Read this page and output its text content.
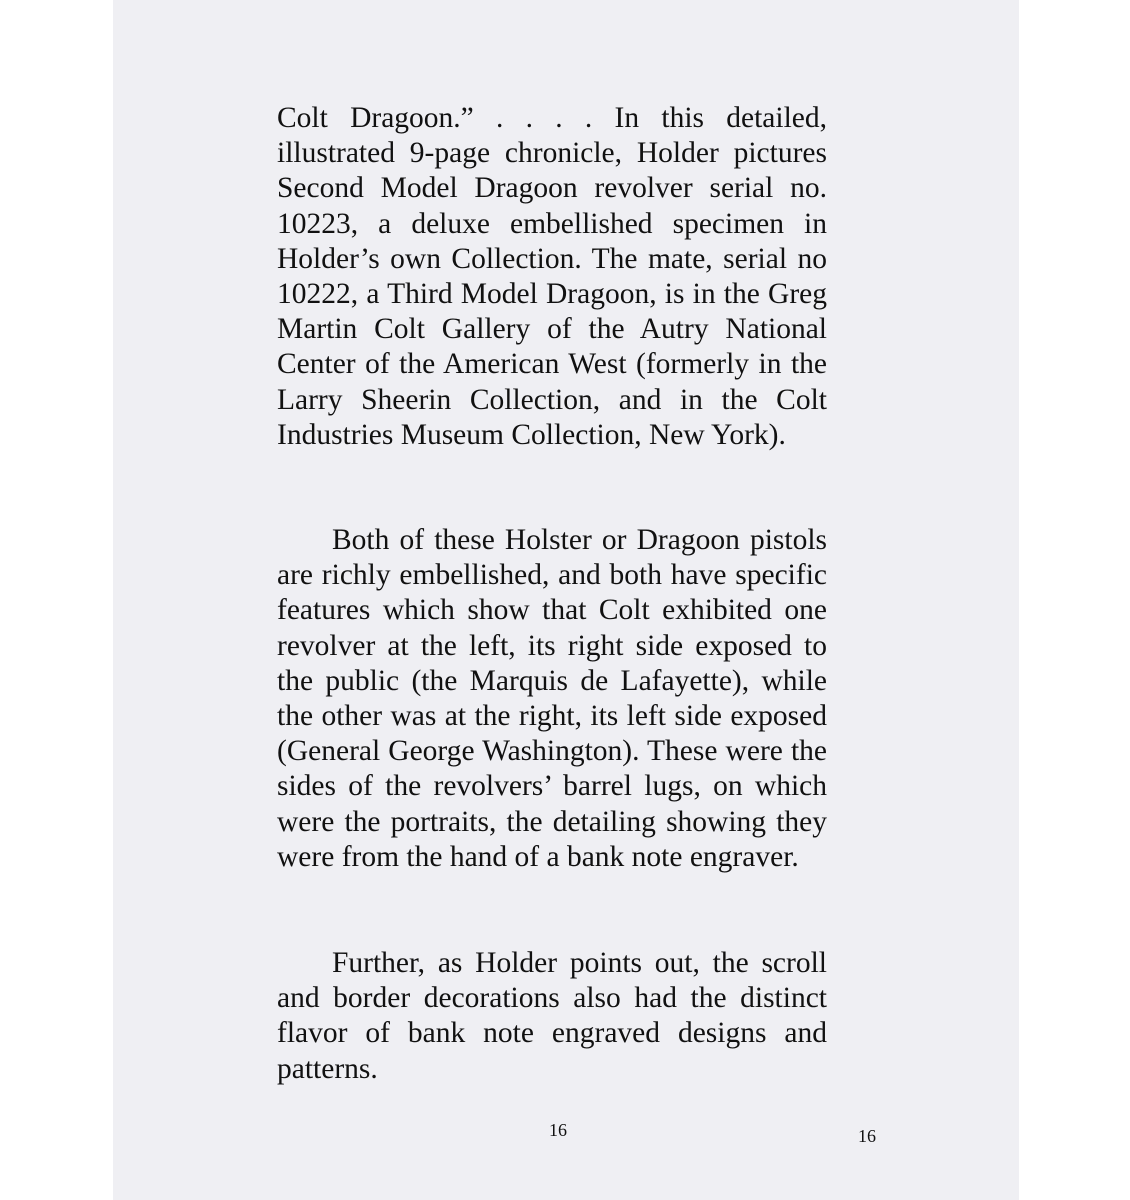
Colt Dragoon.” . . . . In this detailed, illustrated 9-page chronicle, Holder pictures Second Model Dragoon revolver serial no. 10223, a deluxe embellished specimen in Holder’s own Collection. The mate, serial no 10222, a Third Model Dragoon, is in the Greg Martin Colt Gallery of the Autry National Center of the American West (formerly in the Larry Sheerin Collection, and in the Colt Industries Museum Collection, New York).

Both of these Holster or Dragoon pistols are richly embellished, and both have specific features which show that Colt exhibited one revolver at the left, its right side exposed to the public (the Marquis de Lafayette), while the other was at the right, its left side exposed (General George Washington). These were the sides of the revolvers’ barrel lugs, on which were the portraits, the detailing showing they were from the hand of a bank note engraver.

Further, as Holder points out, the scroll and border decorations also had the distinct flavor of bank note engraved designs and patterns.

16	16
